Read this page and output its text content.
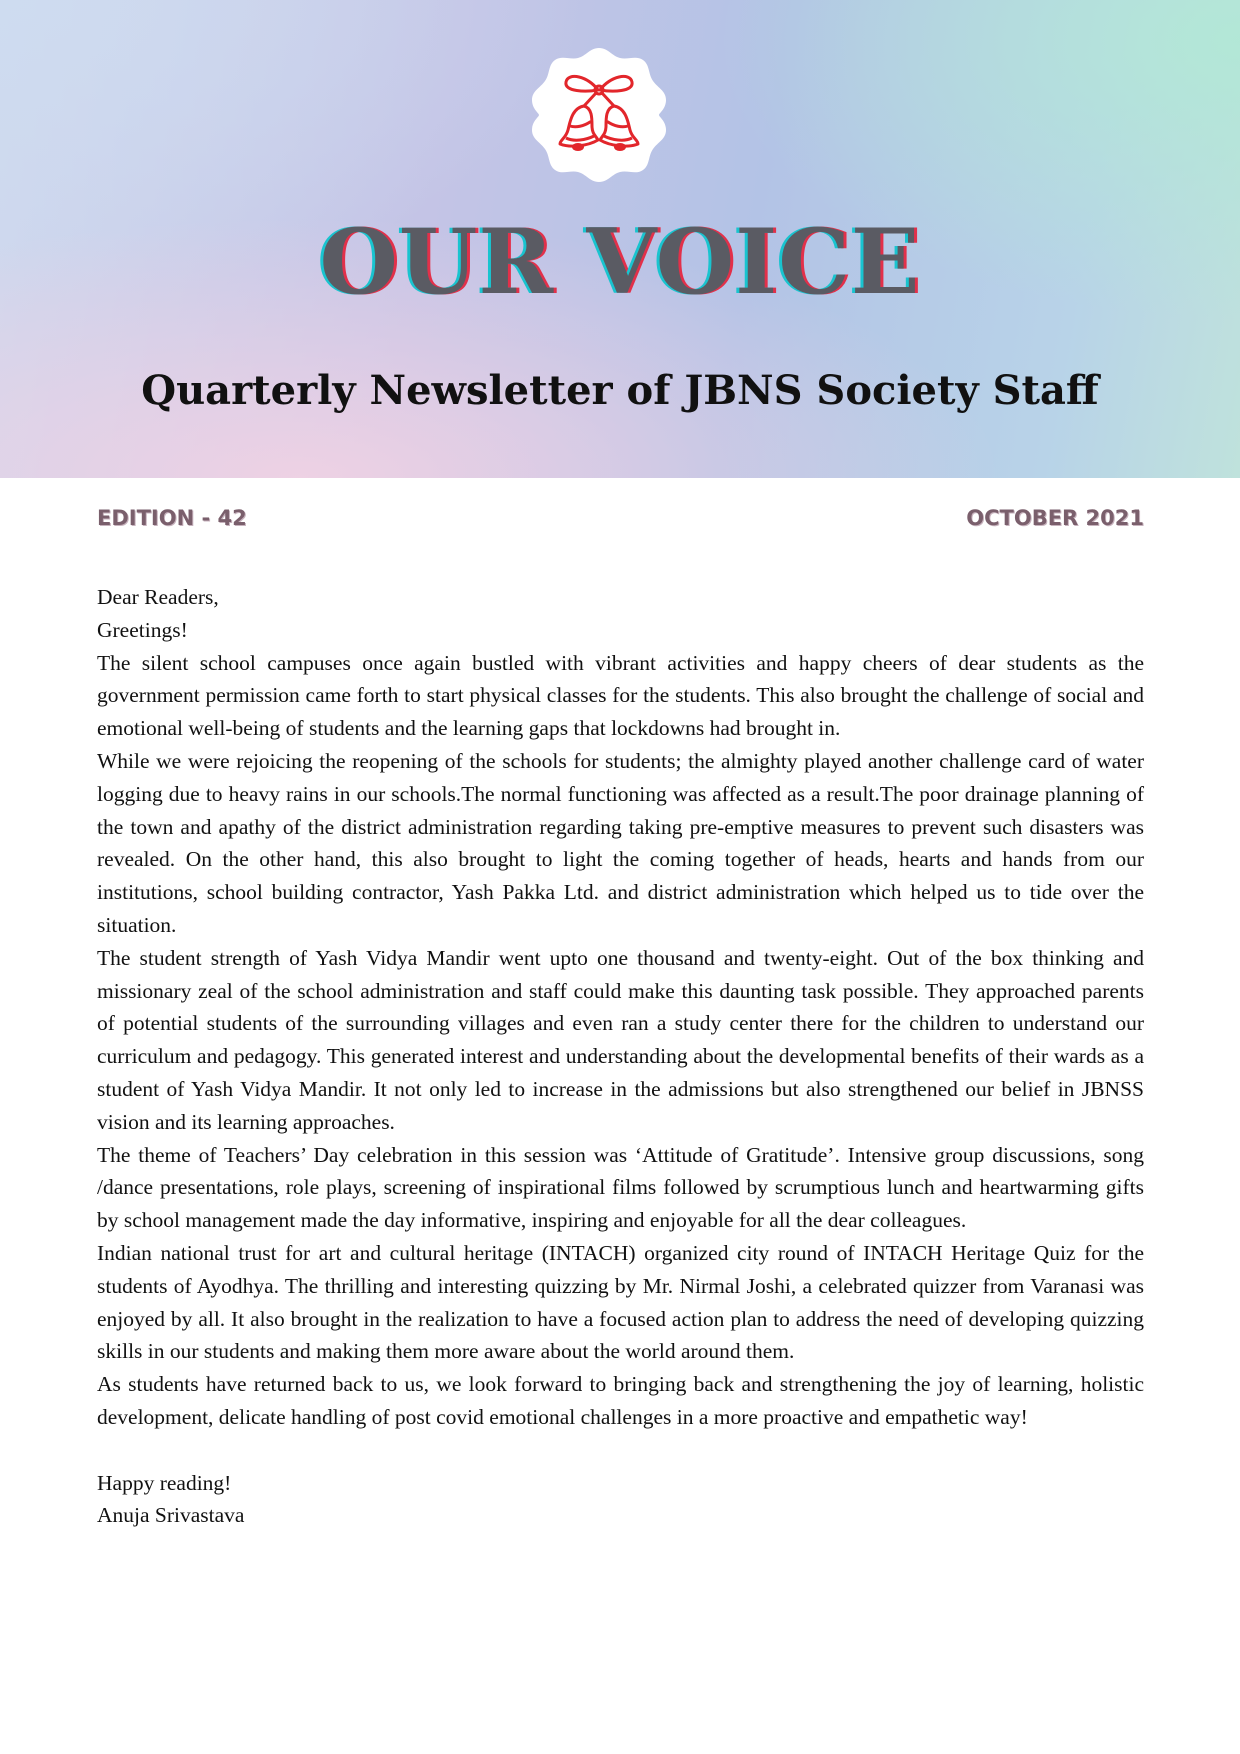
OUR VOICE
Quarterly Newsletter of JBNS Society Staff
EDITION - 42	OCTOBER 2021

Dear Readers,

Greetings!

The silent school campuses once again bustled with vibrant activities and happy cheers of dear students as the government permission came forth to start physical classes for the students. This also brought the challenge of social and emotional well-being of students and the learning gaps that lockdowns had brought in.

While we were rejoicing the reopening of the schools for students; the almighty played another challenge card of water logging due to heavy rains in our schools.The normal functioning was affected as a result.The poor drainage planning of the town and apathy of the district administration regarding taking pre-emptive measures to prevent such disasters was revealed. On the other hand, this also brought to light the coming together of heads, hearts and hands from our institutions, school building contractor, Yash Pakka Ltd. and district administration which helped us to tide over the situation.

The student strength of Yash Vidya Mandir went upto one thousand and twenty-eight. Out of the box thinking and missionary zeal of the school administration and staff could make this daunting task possible. They approached parents of potential students of the surrounding villages and even ran a study center there for the children to understand our curriculum and pedagogy. This generated interest and understanding about the developmental benefits of their wards as a student of Yash Vidya Mandir. It not only led to increase in the admissions but also strengthened our belief in JBNSS vision and its learning approaches.

The theme of Teachers’ Day celebration in this session was ‘Attitude of Gratitude’. Intensive group discussions, song /dance presentations, role plays, screening of inspirational films followed by scrumptious lunch and heartwarming gifts by school management made the day informative, inspiring and enjoyable for all the dear colleagues.

Indian national trust for art and cultural heritage (INTACH) organized city round of INTACH Heritage Quiz for the students of Ayodhya. The thrilling and interesting quizzing by Mr. Nirmal Joshi, a celebrated quizzer from Varanasi was enjoyed by all. It also brought in the realization to have a focused action plan to address the need of developing quizzing skills in our students and making them more aware about the world around them.

As students have returned back to us, we look forward to bringing back and strengthening the joy of learning, holistic development, delicate handling of post covid emotional challenges in a more proactive and empathetic way!

Happy reading!

Anuja Srivastava
